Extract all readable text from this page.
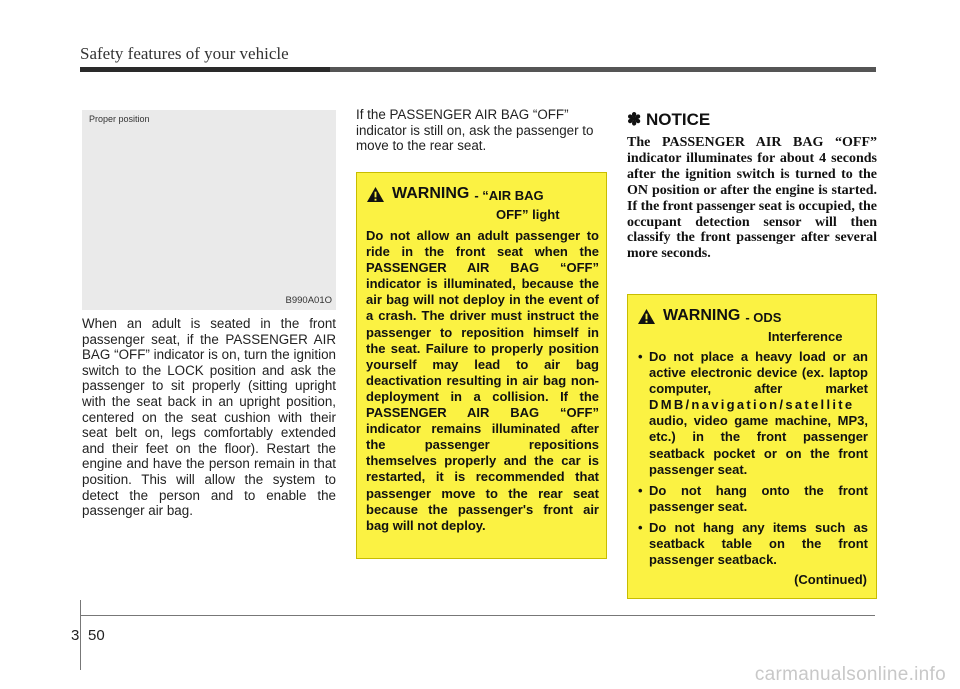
Safety features of your vehicle
Proper position
B990A01O
When an adult is seated in the front passenger seat, if the PASSENGER AIR BAG “OFF” indicator is on, turn the ignition switch to the LOCK position and ask the passenger to sit properly (sitting upright with the seat back in an upright position, centered on the seat cushion with their seat belt on, legs comfortably extended and their feet on the floor). Restart the engine and have the person remain in that position. This will allow the system to detect the person and to enable the passenger air bag.
If the PASSENGER AIR BAG “OFF” indicator is still on, ask the passenger to move to the rear seat.
WARNING - “AIR BAG
OFF” light
Do not allow an adult passenger to ride in the front seat when the PASSENGER AIR BAG “OFF” indicator is illuminated, because the air bag will not deploy in the event of a crash. The driver must instruct the passenger to reposition himself in the seat. Failure to properly position yourself may lead to air bag deactivation resulting in air bag non-deployment in a collision. If the PASSENGER AIR BAG “OFF” indicator remains illuminated after the passenger repositions themselves properly and the car is restarted, it is recommended that passenger move to the rear seat because the passenger's front air bag will not deploy.
✽ NOTICE
The PASSENGER AIR BAG “OFF” indicator illuminates for about 4 seconds after the ignition switch is turned to the ON position or after the engine is started. If the front passenger seat is occupied, the occupant detection sensor will then classify the front passenger after several more seconds.
WARNING - ODS
Interference
• Do not place a heavy load or an active electronic device (ex. laptop computer, after market DMB/navigation/satellite audio, video game machine, MP3, etc.) in the front passenger seatback pocket or on the front passenger seat.
• Do not hang onto the front passenger seat.
• Do not hang any items such as seatback table on the front passenger seatback.
(Continued)
3 50
carmanualsonline.info
